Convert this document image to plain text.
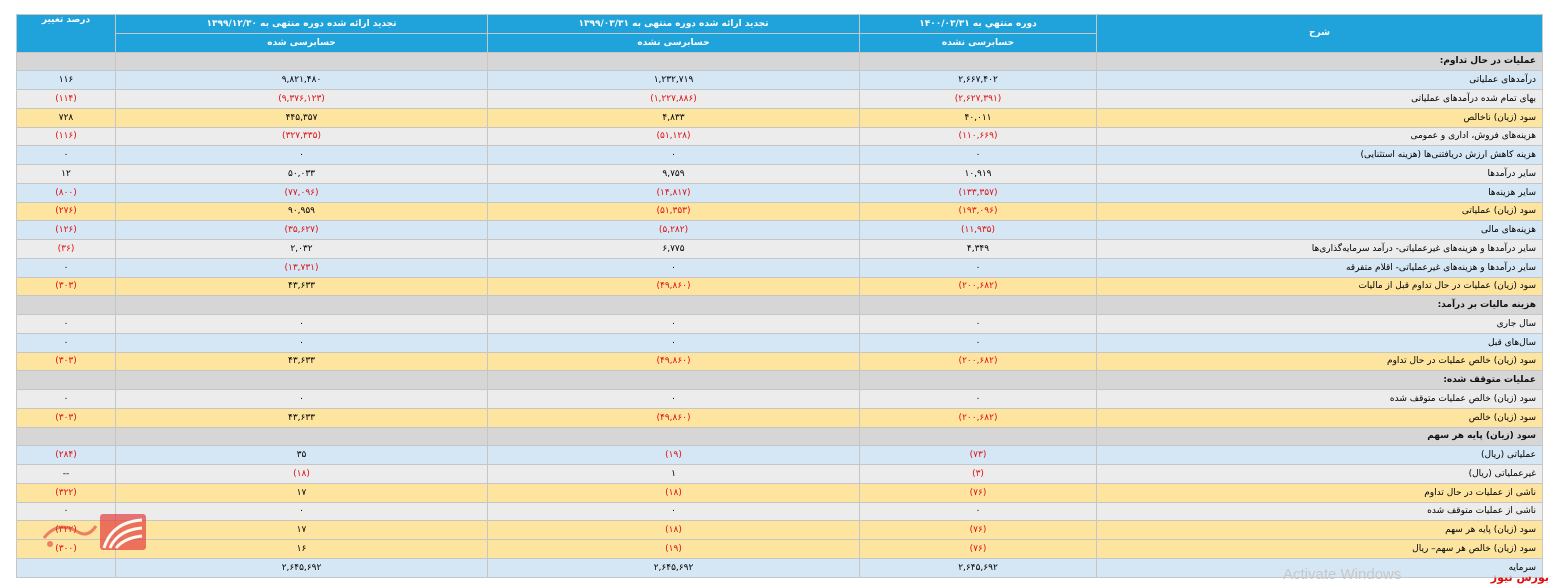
شرح	دوره منتهي به ۱۴۰۰/۰۳/۳۱	تجدید ارائه شده دوره منتهی به ۱۳۹۹/۰۳/۳۱	تجدید ارائه شده دوره منتهی به ۱۳۹۹/۱۲/۳۰	درصد تغییر
	حسابرسی نشده	حسابرسی نشده	حسابرسی شده	
عملیات در حال تداوم:				
درآمدهای عملیاتی	۲,۶۶۷,۴۰۲	۱,۲۳۲,۷۱۹	۹,۸۲۱,۴۸۰	۱۱۶
بهای تمام شده درآمدهای عملیاتی	(۲,۶۲۷,۳۹۱)	(۱,۲۲۷,۸۸۶)	(۹,۳۷۶,۱۲۳)	(۱۱۴)
سود (زیان) ناخالص	۴۰,۰۱۱	۴,۸۳۳	۴۴۵,۳۵۷	۷۲۸
هزینه‌های فروش، اداری و عمومی	(۱۱۰,۶۶۹)	(۵۱,۱۲۸)	(۳۲۷,۳۳۵)	(۱۱۶)
هزینه کاهش ارزش دریافتنی‌ها (هزینه استثنایی)	۰	۰	۰	۰
سایر درآمدها	۱۰,۹۱۹	۹,۷۵۹	۵۰,۰۳۳	۱۲
سایر هزینه‌ها	(۱۳۳,۳۵۷)	(۱۴,۸۱۷)	(۷۷,۰۹۶)	(۸۰۰)
سود (زیان) عملیاتی	(۱۹۳,۰۹۶)	(۵۱,۳۵۳)	۹۰,۹۵۹	(۲۷۶)
هزینه‌های مالی	(۱۱,۹۳۵)	(۵,۲۸۲)	(۳۵,۶۲۷)	(۱۲۶)
سایر درآمدها و هزینه‌های غیرعملیاتی- درآمد سرمایه‌گذاری‌ها	۴,۳۴۹	۶,۷۷۵	۲,۰۳۲	(۳۶)
سایر درآمدها و هزینه‌های غیرعملیاتی- اقلام متفرقه	۰	۰	(۱۳,۷۳۱)	۰
سود (زیان) عملیات در حال تداوم قبل از مالیات	(۲۰۰,۶۸۲)	(۴۹,۸۶۰)	۴۳,۶۳۳	(۳۰۳)
هزینه مالیات بر درآمد:				
سال جاری	۰	۰	۰	۰
سال‌های قبل	۰	۰	۰	۰
سود (زیان) خالص عملیات در حال تداوم	(۲۰۰,۶۸۲)	(۴۹,۸۶۰)	۴۳,۶۳۳	(۳۰۳)
عملیات متوقف شده:				
سود (زیان) خالص عملیات متوقف شده	۰	۰	۰	۰
سود (زیان) خالص	(۲۰۰,۶۸۲)	(۴۹,۸۶۰)	۴۳,۶۳۳	(۳۰۳)
سود (زیان) پایه هر سهم				
عملیاتی (ریال)	(۷۳)	(۱۹)	۳۵	(۲۸۴)
غیرعملیاتی (ریال)	(۳)	۱	(۱۸)	--
ناشی از عملیات در حال تداوم	(۷۶)	(۱۸)	۱۷	(۳۲۲)
ناشی از عملیات متوقف شده	۰	۰	۰	۰
سود (زیان) پایه هر سهم	(۷۶)	(۱۸)	۱۷	(۳۲۲)
سود (زیان) خالص هر سهم– ریال	(۷۶)	(۱۹)	۱۶	(۳۰۰)
سرمایه	۲,۶۴۵,۶۹۲	۲,۶۴۵,۶۹۲	۲,۶۴۵,۶۹۲	
بورس نیوز
Activate Windows
